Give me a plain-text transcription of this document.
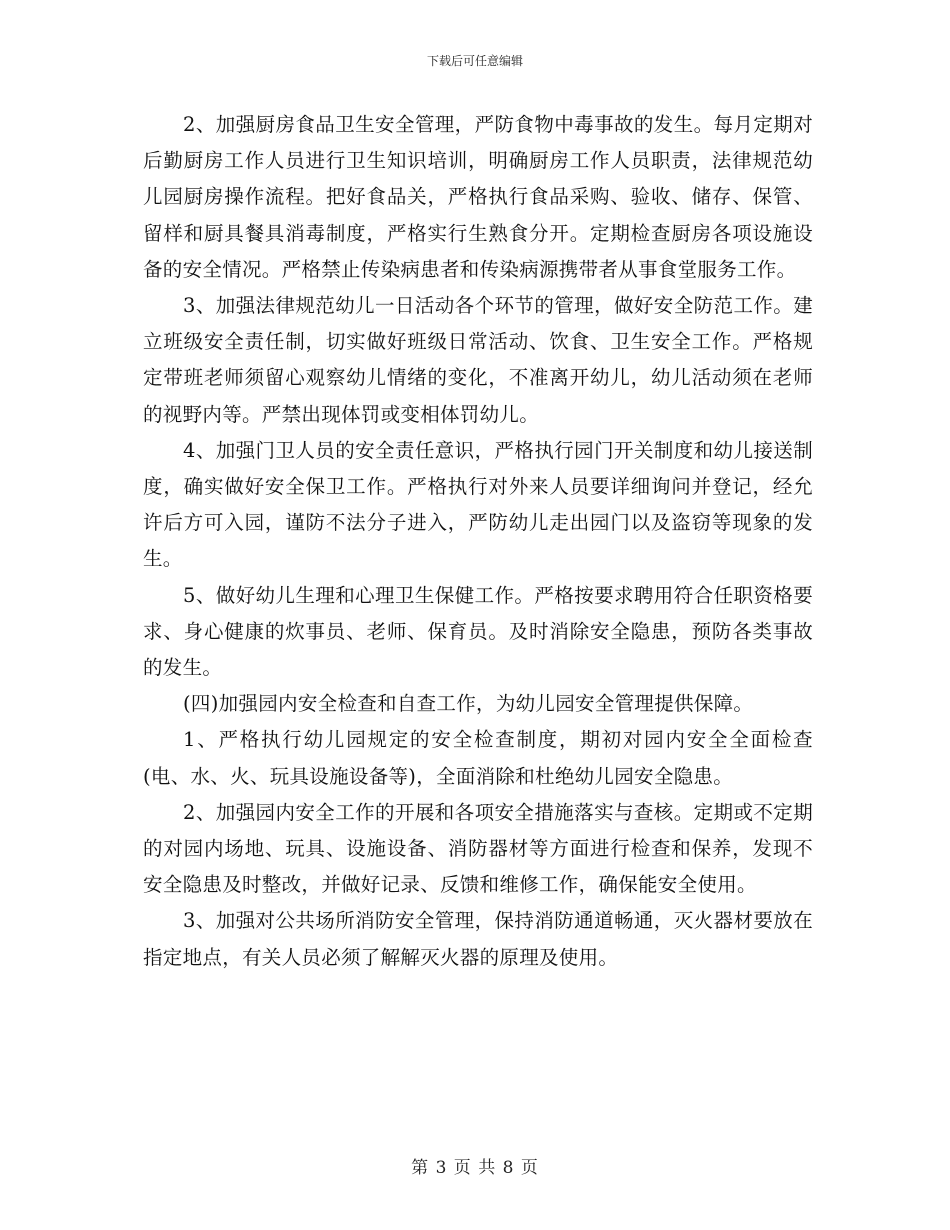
下载后可任意编辑

2、加强厨房食品卫生安全管理，严防食物中毒事故的发生。每月定期对后勤厨房工作人员进行卫生知识培训，明确厨房工作人员职责，法律规范幼儿园厨房操作流程。把好食品关，严格执行食品采购、验收、储存、保管、留样和厨具餐具消毒制度，严格实行生熟食分开。定期检查厨房各项设施设备的安全情况。严格禁止传染病患者和传染病源携带者从事食堂服务工作。

3、加强法律规范幼儿一日活动各个环节的管理，做好安全防范工作。建立班级安全责任制，切实做好班级日常活动、饮食、卫生安全工作。严格规定带班老师须留心观察幼儿情绪的变化，不准离开幼儿，幼儿活动须在老师的视野内等。严禁出现体罚或变相体罚幼儿。

4、加强门卫人员的安全责任意识，严格执行园门开关制度和幼儿接送制度，确实做好安全保卫工作。严格执行对外来人员要详细询问并登记，经允许后方可入园，谨防不法分子进入，严防幼儿走出园门以及盗窃等现象的发生。

5、做好幼儿生理和心理卫生保健工作。严格按要求聘用符合任职资格要求、身心健康的炊事员、老师、保育员。及时消除安全隐患，预防各类事故的发生。

(四)加强园内安全检查和自查工作，为幼儿园安全管理提供保障。

1、严格执行幼儿园规定的安全检查制度，期初对园内安全全面检查(电、水、火、玩具设施设备等)，全面消除和杜绝幼儿园安全隐患。

2、加强园内安全工作的开展和各项安全措施落实与查核。定期或不定期的对园内场地、玩具、设施设备、消防器材等方面进行检查和保养，发现不安全隐患及时整改，并做好记录、反馈和维修工作，确保能安全使用。

3、加强对公共场所消防安全管理，保持消防通道畅通，灭火器材要放在指定地点，有关人员必须了解解灭火器的原理及使用。

第 3 页 共 8 页
